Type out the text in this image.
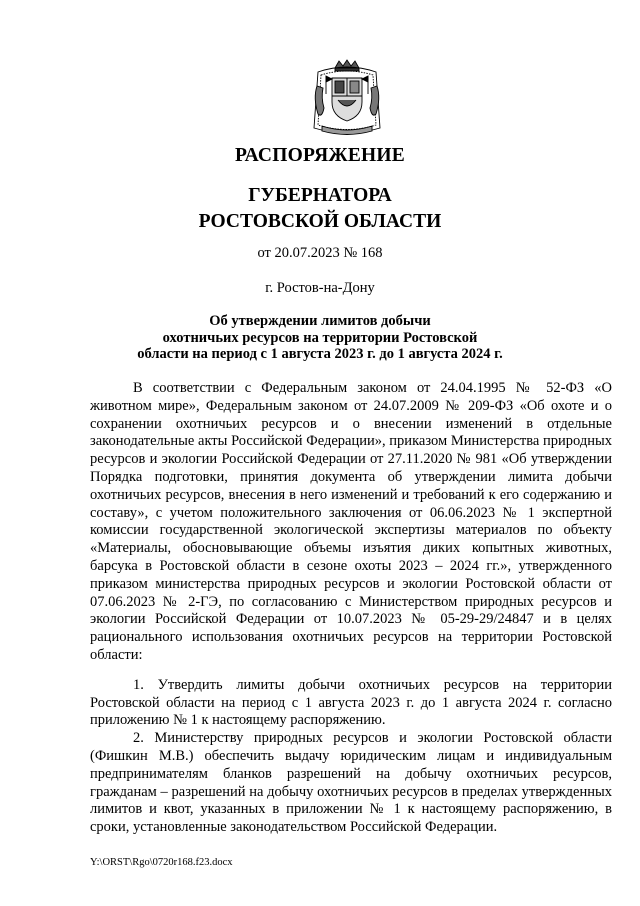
РАСПОРЯЖЕНИЕ
ГУБЕРНАТОРА
РОСТОВСКОЙ ОБЛАСТИ
от 20.07.2023 № 168
г. Ростов-на-Дону
Об утверждении лимитов добычи
охотничьих ресурсов на территории Ростовской
области на период с 1 августа 2023 г. до 1 августа 2024 г.

В соответствии с Федеральным законом от 24.04.1995 № 52-ФЗ «О животном мире», Федеральным законом от 24.07.2009 № 209-ФЗ «Об охоте и о сохранении охотничьих ресурсов и о внесении изменений в отдельные законодательные акты Российской Федерации», приказом Министерства природных ресурсов и экологии Российской Федерации от 27.11.2020 № 981 «Об утверждении Порядка подготовки, принятия документа об утверждении лимита добычи охотничьих ресурсов, внесения в него изменений и требований к его содержанию и составу», с учетом положительного заключения от 06.06.2023 № 1 экспертной комиссии государственной экологической экспертизы материалов по объекту «Материалы, обосновывающие объемы изъятия диких копытных животных, барсука в Ростовской области в сезоне охоты 2023 – 2024 гг.», утвержденного приказом министерства природных ресурсов и экологии Ростовской области от 07.06.2023 № 2-ГЭ, по согласованию с Министерством природных ресурсов и экологии Российской Федерации от 10.07.2023 № 05-29-29/24847 и в целях рационального использования охотничьих ресурсов на территории Ростовской области:

1. Утвердить лимиты добычи охотничьих ресурсов на территории Ростовской области на период с 1 августа 2023 г. до 1 августа 2024 г. согласно приложению № 1 к настоящему распоряжению.

2. Министерству природных ресурсов и экологии Ростовской области (Фишкин М.В.) обеспечить выдачу юридическим лицам и индивидуальным предпринимателям бланков разрешений на добычу охотничьих ресурсов, гражданам – разрешений на добычу охотничьих ресурсов в пределах утвержденных лимитов и квот, указанных в приложении № 1 к настоящему распоряжению, в сроки, установленные законодательством Российской Федерации.

Y:\ORST\Rgo\0720r168.f23.docx
